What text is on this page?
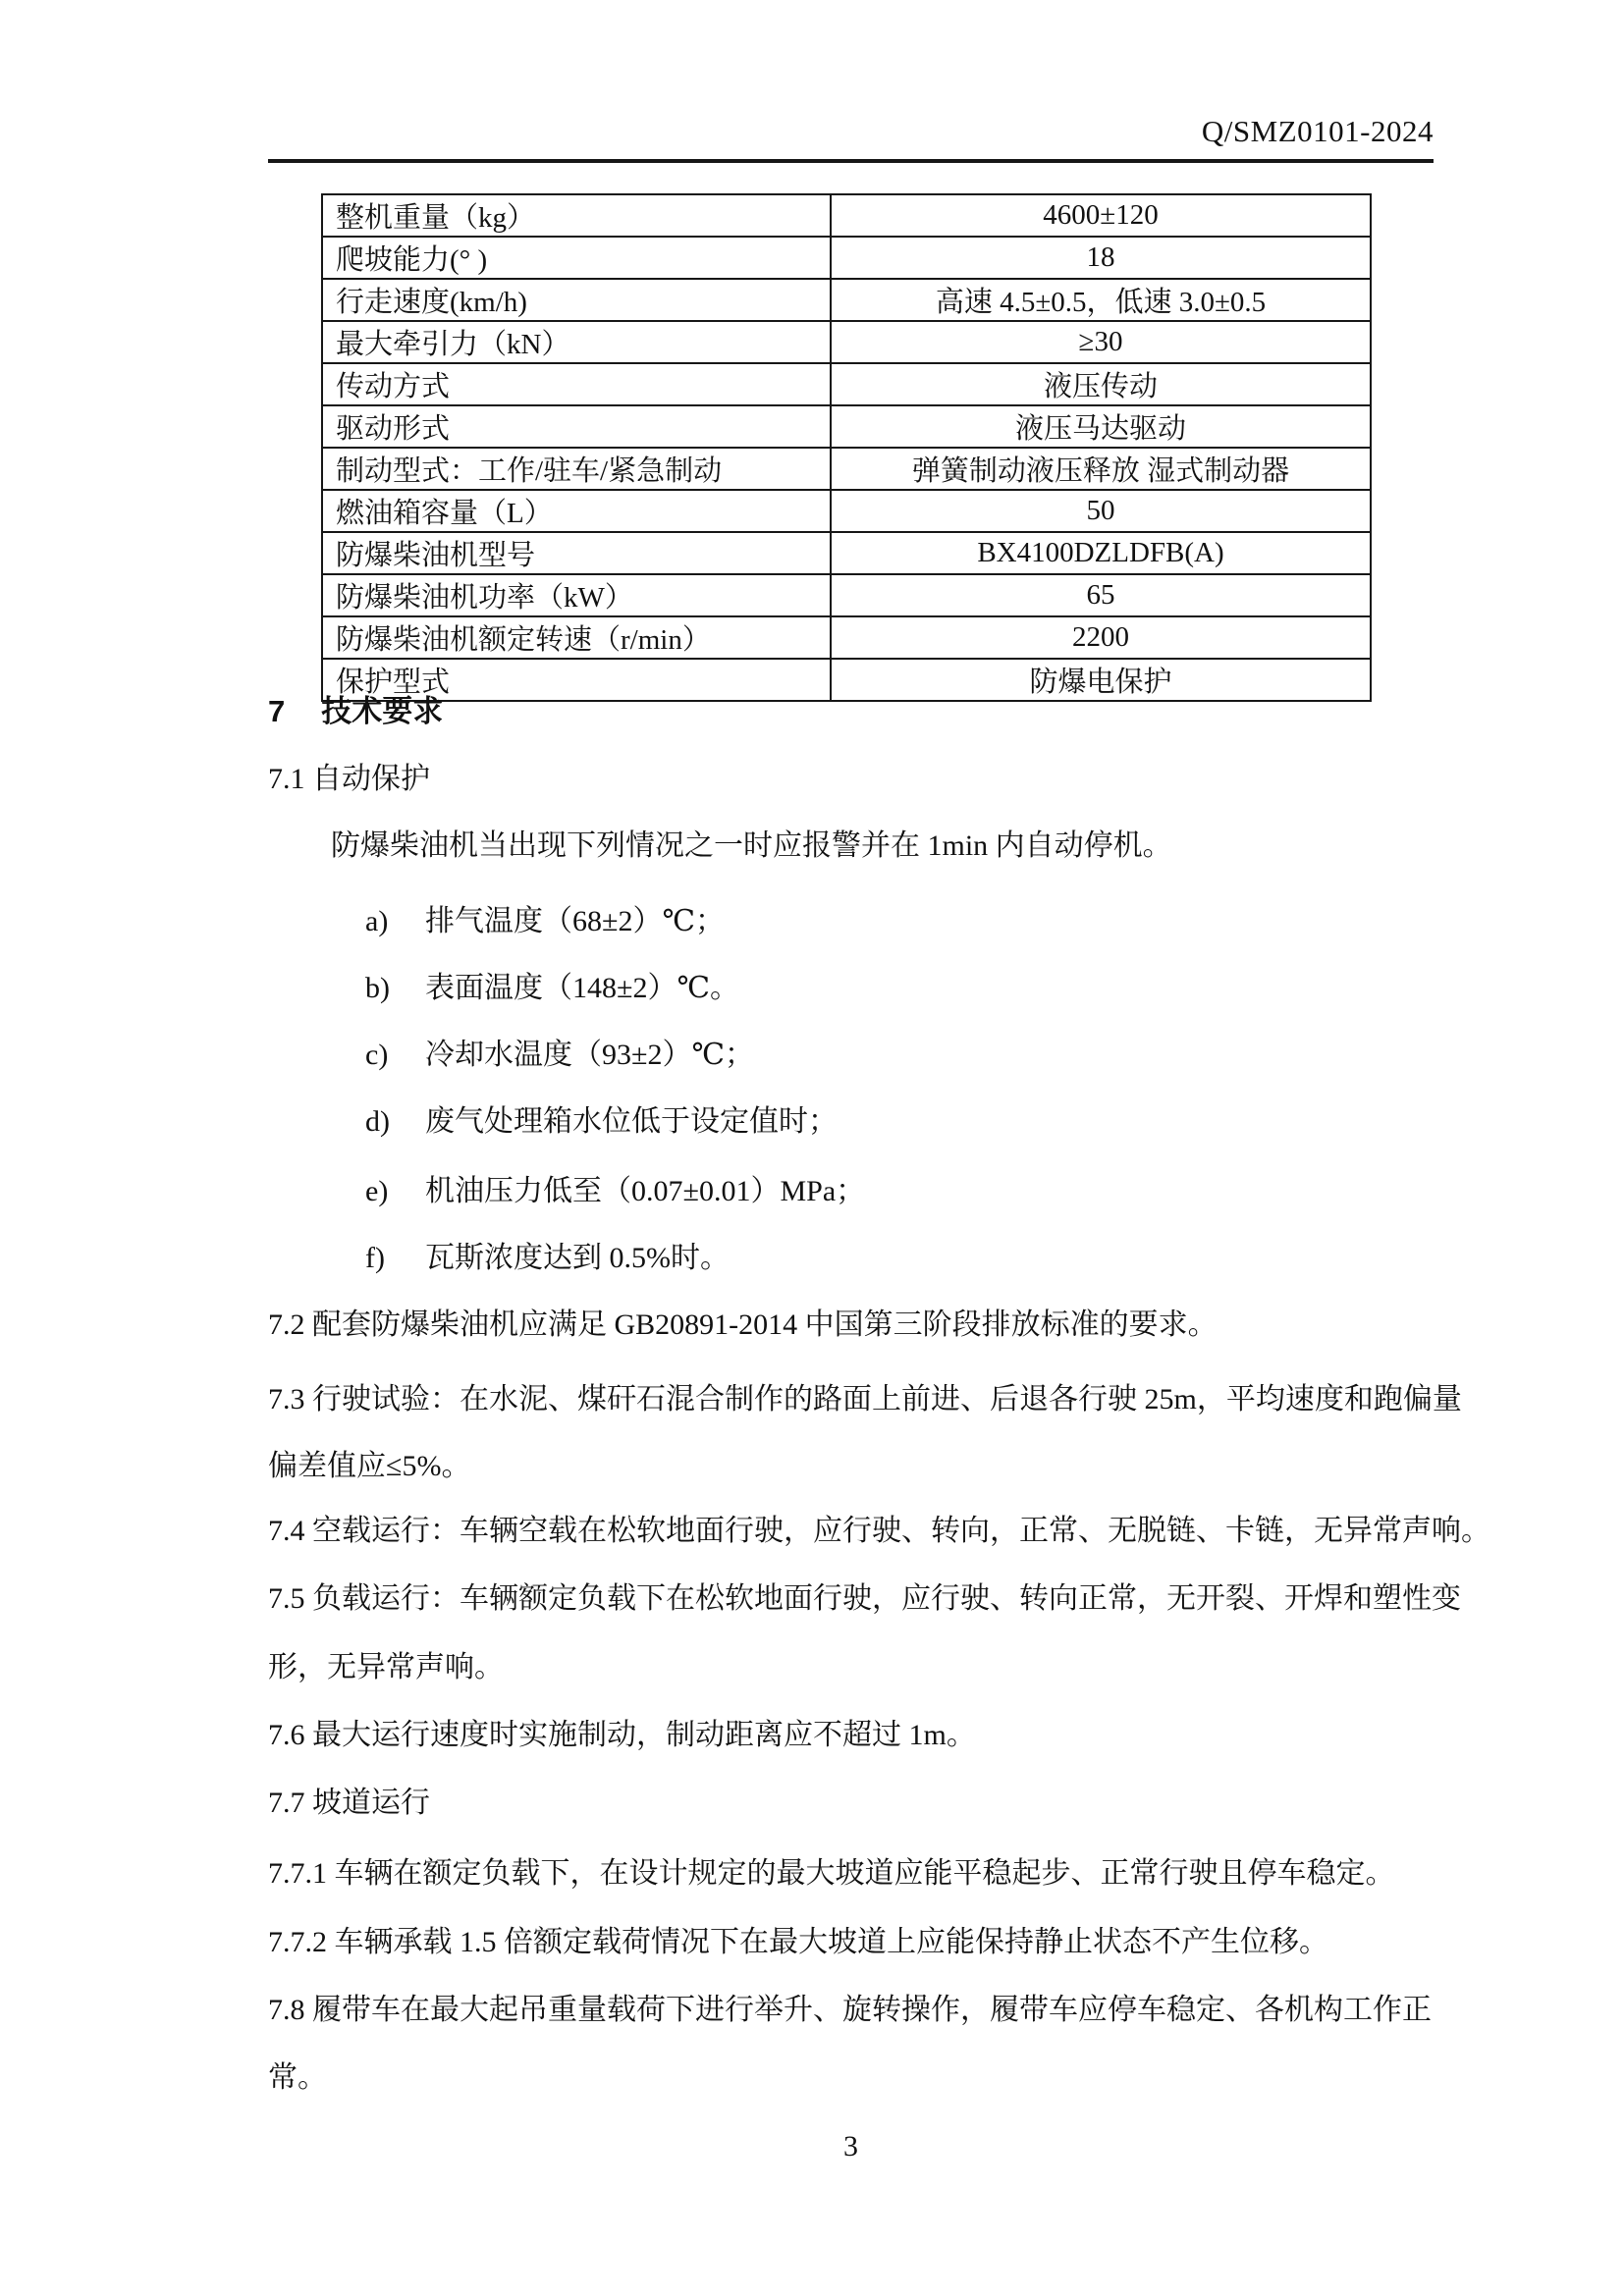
Q/SMZ0101-2024
整机重量（kg）	4600±120
爬坡能力(° )	18
行走速度(km/h)	高速 4.5±0.5，低速 3.0±0.5
最大牵引力（kN）	≥30
传动方式	液压传动
驱动形式	液压马达驱动
制动型式：工作/驻车/紧急制动	弹簧制动液压释放 湿式制动器
燃油箱容量（L）	50
防爆柴油机型号	BX4100DZLDFB(A)
防爆柴油机功率（kW）	65
防爆柴油机额定转速（r/min）	2200
保护型式	防爆电保护
7 技术要求
7.1 自动保护
防爆柴油机当出现下列情况之一时应报警并在 1min 内自动停机。
a) 排气温度（68±2）℃；
b) 表面温度（148±2）℃。
c) 冷却水温度（93±2）℃；
d) 废气处理箱水位低于设定值时；
e) 机油压力低至（0.07±0.01）MPa；
f) 瓦斯浓度达到 0.5%时。
7.2 配套防爆柴油机应满足 GB20891-2014 中国第三阶段排放标准的要求。
7.3 行驶试验：在水泥、煤矸石混合制作的路面上前进、后退各行驶 25m，平均速度和跑偏量
偏差值应≤5%。
7.4 空载运行：车辆空载在松软地面行驶，应行驶、转向，正常、无脱链、卡链，无异常声响。
7.5 负载运行：车辆额定负载下在松软地面行驶，应行驶、转向正常，无开裂、开焊和塑性变
形，无异常声响。
7.6 最大运行速度时实施制动，制动距离应不超过 1m。
7.7 坡道运行
7.7.1 车辆在额定负载下，在设计规定的最大坡道应能平稳起步、正常行驶且停车稳定。
7.7.2 车辆承载 1.5 倍额定载荷情况下在最大坡道上应能保持静止状态不产生位移。
7.8 履带车在最大起吊重量载荷下进行举升、旋转操作，履带车应停车稳定、各机构工作正
常。
3
